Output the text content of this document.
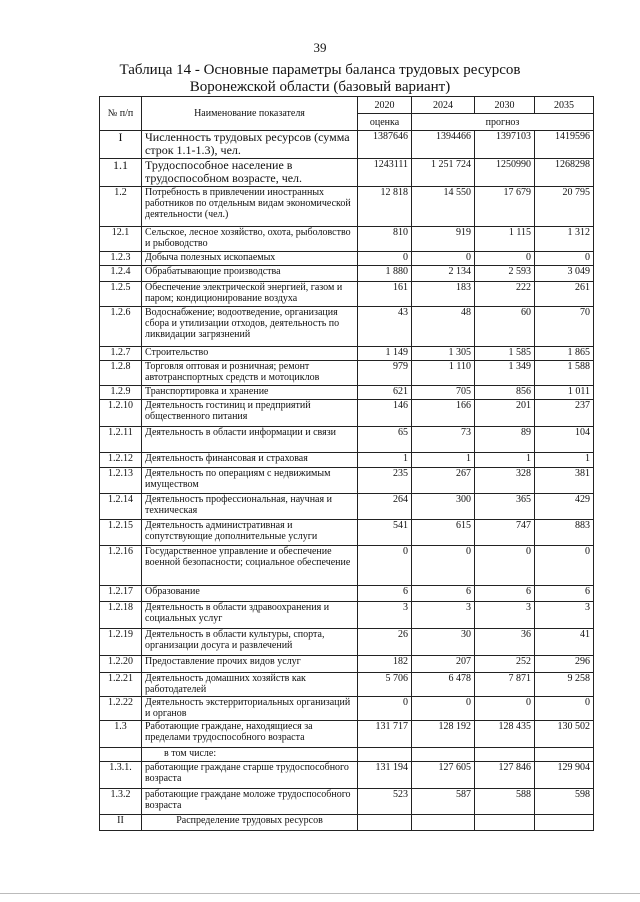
39
Таблица 14 - Основные параметры баланса трудовых ресурсов
Воронежской области (базовый вариант)
№ п/п	Наименование показателя	2020	2024	2030	2035
		оценка	прогноз		
I	Численность трудовых ресурсов (сумма строк 1.1-1.3), чел.	1387646	1394466	1397103	1419596
1.1	Трудоспособное население в трудоспособном возрасте, чел.	1243111	1 251 724	1250990	1268298
1.2	Потребность в привлечении иностранных работников по отдельным видам экономической деятельности (чел.)	12 818	14 550	17 679	20 795
12.1	Сельское, лесное хозяйство, охота, рыболовство и рыбоводство	810	919	1 115	1 312
1.2.3	Добыча полезных ископаемых	0	0	0	0
1.2.4	Обрабатывающие производства	1 880	2 134	2 593	3 049
1.2.5	Обеспечение электрической энергией, газом и паром; кондиционирование воздуха	161	183	222	261
1.2.6	Водоснабжение; водоотведение, организация сбора и утилизации отходов, деятельность по ликвидации загрязнений	43	48	60	70
1.2.7	Строительство	1 149	1 305	1 585	1 865
1.2.8	Торговля оптовая и розничная; ремонт автотранспортных средств и мотоциклов	979	1 110	1 349	1 588
1.2.9	Транспортировка и хранение	621	705	856	1 011
1.2.10	Деятельность гостиниц и предприятий общественного питания	146	166	201	237
1.2.11	Деятельность в области информации и связи	65	73	89	104
1.2.12	Деятельность финансовая и страховая	1	1	1	1
1.2.13	Деятельность по операциям с недвижимым имуществом	235	267	328	381
1.2.14	Деятельность профессиональная, научная и техническая	264	300	365	429
1.2.15	Деятельность административная и сопутствующие дополнительные услуги	541	615	747	883
1.2.16	Государственное управление и обеспечение военной безопасности; социальное обеспечение	0	0	0	0
1.2.17	Образование	6	6	6	6
1.2.18	Деятельность в области здравоохранения и социальных услуг	3	3	3	3
1.2.19	Деятельность в области культуры, спорта, организации досуга и развлечений	26	30	36	41
1.2.20	Предоставление прочих видов услуг	182	207	252	296
1.2.21	Деятельность домашних хозяйств как работодателей	5 706	6 478	7 871	9 258
1.2.22	Деятельность экстерриториальных организаций и органов	0	0	0	0
1.3	Работающие граждане, находящиеся за пределами трудоспособного возраста	131 717	128 192	128 435	130 502
	в том числе:				
1.3.1.	работающие граждане старше трудоспособного возраста	131 194	127 605	127 846	129 904
1.3.2	работающие граждане моложе трудоспособного возраста	523	587	588	598
II	Распределение трудовых ресурсов				
